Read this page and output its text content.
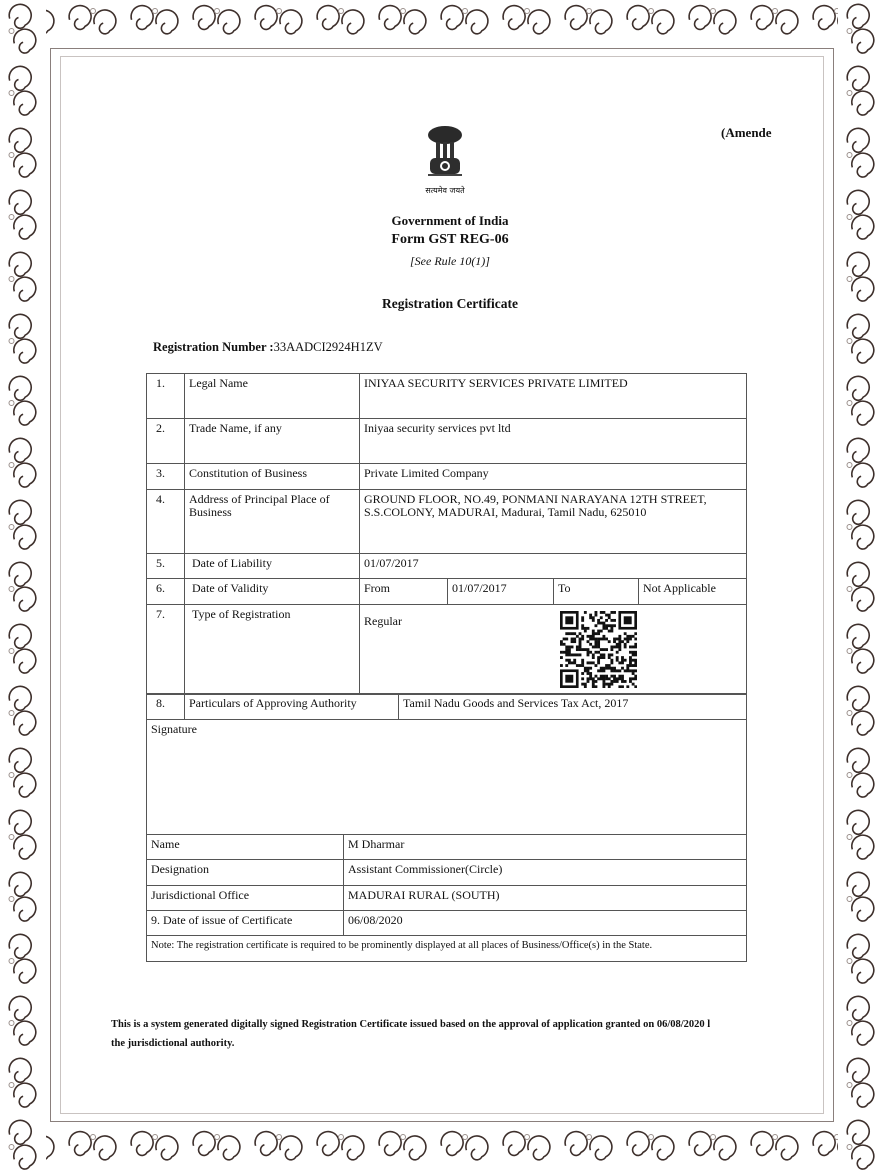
सत्यमेव जयते
(Amende
Government of India
Form GST REG-06
[See Rule 10(1)]
Registration Certificate
Registration Number :33AADCI2924H1ZV
1.	Legal Name	INIYAA SECURITY SERVICES PRIVATE LIMITED			
2.	Trade Name, if any	Iniyaa security services pvt ltd			
3.	Constitution of Business	Private Limited Company			
4.	Address of Principal Place of Business	GROUND FLOOR, NO.49, PONMANI NARAYANA 12TH STREET, S.S.COLONY, MADURAI, Madurai, Tamil Nadu, 625010			
5.	Date of Liability	01/07/2017			
6.	Date of Validity	From	01/07/2017	To	Not Applicable
7.	Type of Registration	Regular			
8.	Particulars of Approving Authority	Tamil Nadu Goods and Services Tax Act, 2017
Signature	
Name	M Dharmar
Designation	Assistant Commissioner(Circle)
Jurisdictional Office	MADURAI RURAL (SOUTH)
9. Date of issue of Certificate	06/08/2020
Note: The registration certificate is required to be prominently displayed at all places of Business/Office(s) in the State.	
This is a system generated digitally signed Registration Certificate issued based on the approval of application granted on 06/08/2020 l
the jurisdictional authority.
